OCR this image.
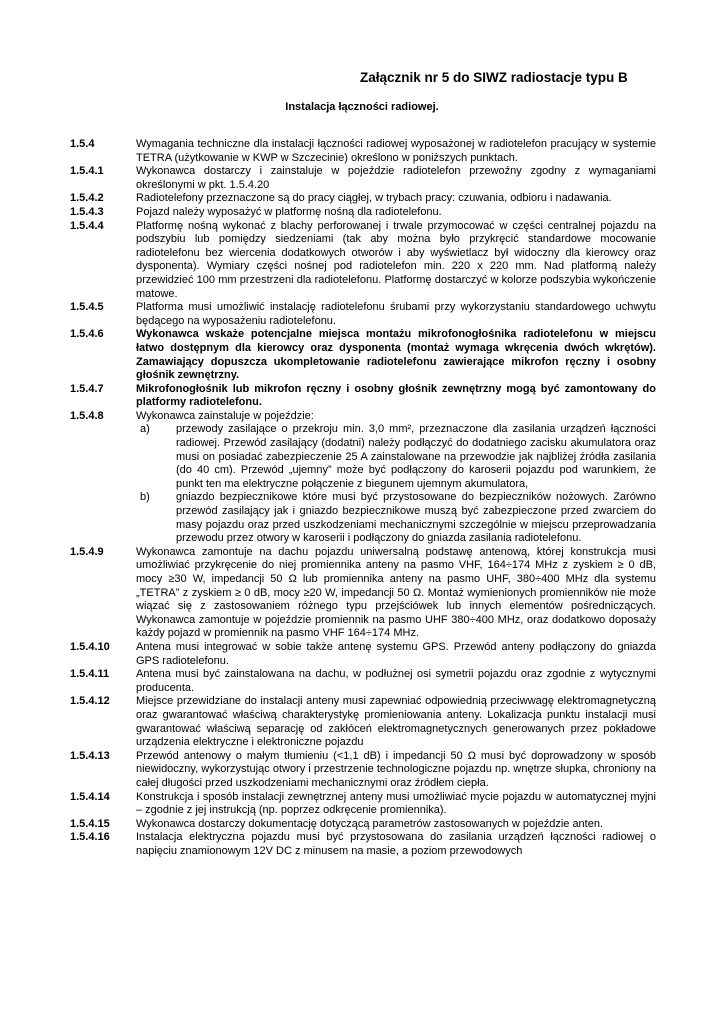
Załącznik nr 5 do SIWZ radiostacje typu B
Instalacja łączności radiowej.
1.5.4	Wymagania techniczne dla instalacji łączności radiowej wyposażonej w radiotelefon pracujący w systemie TETRA (użytkowanie w KWP w Szczecinie) określono w poniższych punktach.
1.5.4.1	Wykonawca dostarczy i zainstaluje w pojeździe radiotelefon przewoźny zgodny z wymaganiami określonymi w pkt. 1.5.4.20
1.5.4.2	Radiotelefony przeznaczone są do pracy ciągłej, w trybach pracy: czuwania, odbioru i nadawania.
1.5.4.3	Pojazd należy wyposażyć w platformę nośną dla radiotelefonu.
1.5.4.4	Platformę nośną wykonać z blachy perforowanej i trwale przymocować w części centralnej pojazdu na podszybiu lub pomiędzy siedzeniami (tak aby można było przykręcić standardowe mocowanie radiotelefonu bez wiercenia dodatkowych otworów i aby wyświetlacz był widoczny dla kierowcy oraz dysponenta). Wymiary części nośnej pod radiotelefon min. 220 x 220 mm. Nad platformą należy przewidzieć 100 mm przestrzeni dla radiotelefonu. Platformę dostarczyć w kolorze podszybia wykończenie matowe.
1.5.4.5	Platforma musi umożliwić instalację radiotelefonu śrubami przy wykorzystaniu standardowego uchwytu będącego na wyposażeniu radiotelefonu.
1.5.4.6	Wykonawca wskaże potencjalne miejsca montażu mikrofonogłośnika radiotelefonu w miejscu łatwo dostępnym dla kierowcy oraz dysponenta (montaż wymaga wkręcenia dwóch wkrętów). Zamawiający dopuszcza ukompletowanie radiotelefonu zawierające mikrofon ręczny i osobny głośnik zewnętrzny.
1.5.4.7	Mikrofonogłośnik lub mikrofon ręczny i osobny głośnik zewnętrzny mogą być zamontowany do platformy radiotelefonu.
1.5.4.8	Wykonawca zainstaluje w pojeździe:
a)	przewody zasilające o przekroju min. 3,0 mm², przeznaczone dla zasilania urządzeń łączności radiowej. Przewód zasilający (dodatni) należy podłączyć do dodatniego zacisku akumulatora oraz musi on posiadać zabezpieczenie 25 A zainstalowane na przewodzie jak najbliżej źródła zasilania (do 40 cm). Przewód „ujemny” może być podłączony do karoserii pojazdu pod warunkiem, że punkt ten ma elektryczne połączenie z biegunem ujemnym akumulatora,
b)	gniazdo bezpiecznikowe które musi być przystosowane do bezpieczników nożowych. Zarówno przewód zasilający jak i gniazdo bezpiecznikowe muszą być zabezpieczone przed zwarciem do masy pojazdu oraz przed uszkodzeniami mechanicznymi szczególnie w miejscu przeprowadzania przewodu przez otwory w karoserii i podłączony do gniazda zasilania radiotelefonu.
1.5.4.9	Wykonawca zamontuje na dachu pojazdu uniwersalną podstawę antenową, której konstrukcja musi umożliwiać przykręcenie do niej promiennika anteny na pasmo VHF, 164÷174 MHz z zyskiem ≥ 0 dB, mocy ≥30 W, impedancji 50 Ω lub promiennika anteny na pasmo UHF, 380÷400 MHz dla systemu „TETRA” z zyskiem ≥ 0 dB, mocy ≥20 W, impedancji 50 Ω. Montaż wymienionych promienników nie może wiązać się z zastosowaniem różnego typu przejściówek lub innych elementów pośredniczących. Wykonawca zamontuje w pojeździe promiennik na pasmo UHF 380÷400 MHz, oraz dodatkowo doposaży każdy pojazd w promiennik na pasmo VHF 164÷174 MHz.
1.5.4.10	Antena musi integrować w sobie także antenę systemu GPS. Przewód anteny podłączony do gniazda GPS radiotelefonu.
1.5.4.11	Antena musi być zainstalowana na dachu, w podłużnej osi symetrii pojazdu oraz zgodnie z wytycznymi producenta.
1.5.4.12	Miejsce przewidziane do instalacji anteny musi zapewniać odpowiednią przeciwwagę elektromagnetyczną oraz gwarantować właściwą charakterystykę promieniowania anteny. Lokalizacja punktu instalacji musi gwarantować właściwą separację od zakłóceń elektromagnetycznych generowanych przez pokładowe urządzenia elektryczne i elektroniczne pojazdu
1.5.4.13	Przewód antenowy o małym tłumieniu (<1,1 dB) i impedancji 50 Ω musi być doprowadzony w sposób niewidoczny, wykorzystując otwory i przestrzenie technologiczne pojazdu np. wnętrze słupka, chroniony na całej długości przed uszkodzeniami mechanicznymi oraz źródłem ciepła.
1.5.4.14	Konstrukcja i sposób instalacji zewnętrznej anteny musi umożliwiać mycie pojazdu w automatycznej myjni – zgodnie z jej instrukcją (np. poprzez odkręcenie promiennika).
1.5.4.15	Wykonawca dostarczy dokumentację dotyczącą parametrów zastosowanych w pojeździe anten.
1.5.4.16	Instalacja elektryczna pojazdu musi być przystosowana do zasilania urządzeń łączności radiowej o napięciu znamionowym 12V DC z minusem na masie, a poziom przewodowych
